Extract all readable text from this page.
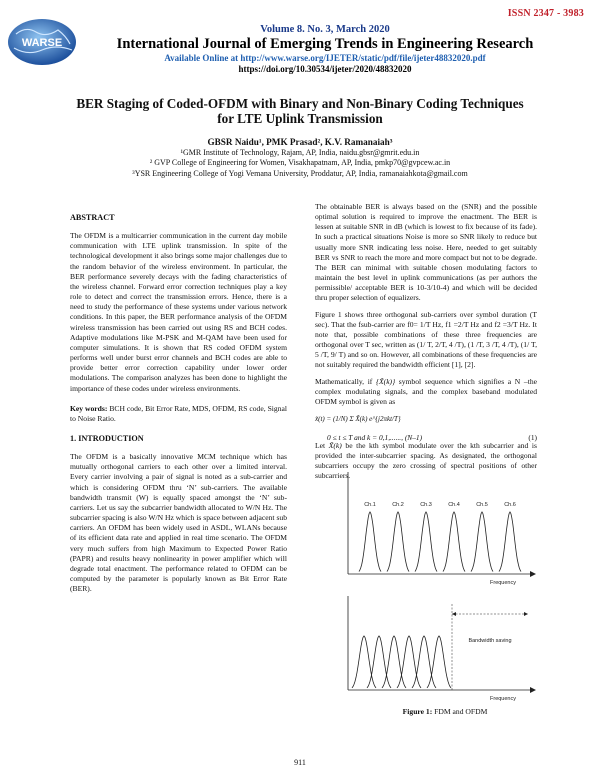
ISSN 2347 - 3983
WARSE
Volume 8. No. 3, March 2020
International Journal of Emerging Trends in Engineering Research
Available Online at http://www.warse.org/IJETER/static/pdf/file/ijeter48832020.pdf
https://doi.org/10.30534/ijeter/2020/48832020
BER Staging of Coded-OFDM with Binary and Non-Binary Coding Techniques
for LTE Uplink Transmission
GBSR Naidu¹, PMK Prasad², K.V. Ramanaiah³
¹GMR Institute of Technology, Rajam, AP, India, naidu.gbsr@gmrit.edu.in
² GVP College of Engineering for Women, Visakhapatnam, AP, India, pmkp70@gvpcew.ac.in
³YSR Engineering College of Yogi Vemana University, Proddatur, AP, India, ramanaiahkota@gmail.com
ABSTRACT
The OFDM is a multicarrier communication in the current day mobile communication with LTE uplink transmission. In spite of the technological development it also brings some major challenges due to the random behavior of the wireless environment. In particular, the BER performance severely decays with the fading characteristics of the wireless channel. Forward error correction techniques play a key role to detect and correct the transmission errors. Hence, there is a need to study the performance of these systems under various network conditions. In this paper, the BER performance analysis of the OFDM wireless transmission has been carried out using RS and BCH codes. Adaptive modulations like M-PSK and M-QAM have been used for computer simulations. It is shown that RS coded OFDM system performs well under burst error channels and BCH codes are able to provide better error correction capability under lower order modulations. The comparison analyzes has been done to highlight the importance of these codes under wireless environments.
Key words: BCH code, Bit Error Rate, MDS, OFDM, RS code, Signal to Noise Ratio.
1. INTRODUCTION
The OFDM is a basically innovative MCM technique which has mutually orthogonal carriers to each other over a limited interval. Every carrier involving a pair of signal is noted as a sub-carrier and which is considering OFDM thru ‘N’ sub-carriers. The available bandwidth transmit (W) is equally spaced amongst the ‘N’ sub-carriers. Let us say the subcarrier bandwidth allocated to W/N Hz. The subcarrier spacing is also W/N Hz which is space between adjacent sub carriers. An OFDM has been widely used in ASDL, WLANs because of its efficient data rate and applied in real time scenario. The OFDM very much suffers from high Maximum to Expected Power Ratio (PAPR) and results heavy nonlinearity in power amplifier which will degrade total enactment. The performance related to OFDM can be computed by the parameter is popularly known as Bit Error Rate (BER).
The obtainable BER is always based on the (SNR) and the possible optimal solution is required to improve the enactment. The BER is lessen at suitable SNR in dB (which is lowest to fix because of its fade). In such a practical situations Noise is more so SNR likely to reduce but usually more SNR indicating less noise. Here, needed to get suitably BER vs SNR to reach the more and more compact but not to be degrade. The BER can minimal with suitable chosen modulating factors to maintain the best level in uplink communications (as per authors the permissible/ acceptable BER is 10-3/10-4) and which will be decided thru proper selection of equalizers.
Figure 1 shows three orthogonal sub-carriers over symbol duration (T sec). That the fsub-carrier are f0= 1/T Hz, f1 =2/T Hz and f2 =3/T Hz. It note that, possible combinations of these three frequencies are orthogonal over T sec, written as (1/ T, 2/T, 4 /T), (1 /T, 3 /T, 4 /T), (1/ T, 5 /T, 9/ T) and so on. However, all combinations of these frequencies are not suitably required the bandwidth efficient [1], [2].
Mathematically, if {X̃(k)} symbol sequence which signifies a N –the complex modulating signals, and the complex baseband modulated OFDM symbol is given as
x̃(t) = (1/N) Σ X̃(k) e^{j2πkt/T}
0 ≤ t ≤ T and k = 0,1,......, (N–1)	(1)
Let X̃(k) be the kth symbol modulate over the kth subcarrier and is provided the inter-subcarrier spacing. As designated, the orthogonal subcarriers occupy the zero crossing of spectral positions of other subcarriers.
Ch.1	Ch.2	Ch.3	Ch.4	Ch.5	Ch.6
Frequency
Bandwidth saving
Frequency
Figure 1: FDM and OFDM
911
